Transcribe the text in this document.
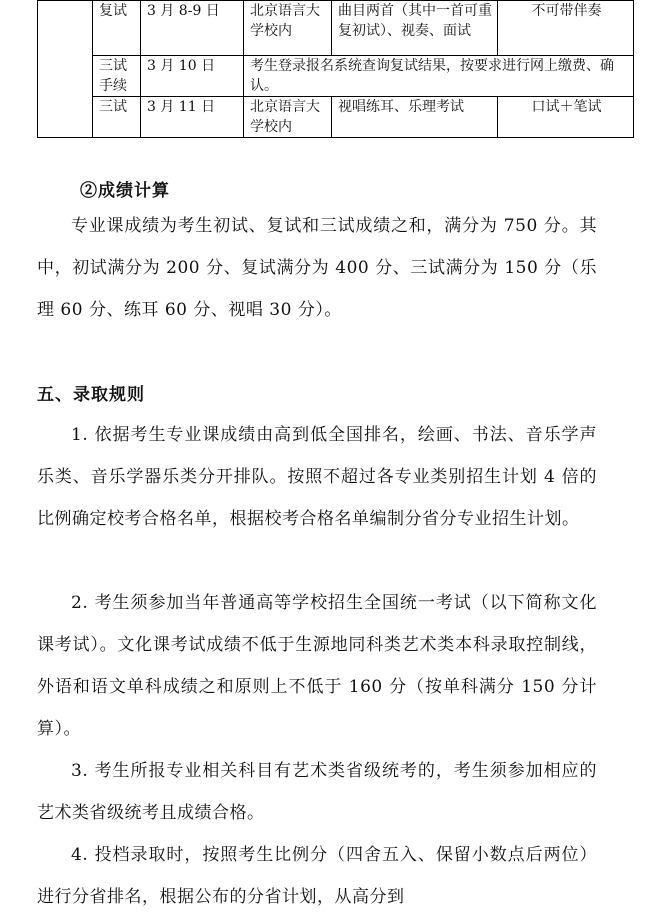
	复试	3 月 8-9 日	北京语言大学校内	曲目两首（其中一首可重复初试）、视奏、面试	不可带伴奏
	三试手续	3 月 10 日	考生登录报名系统查询复试结果，按要求进行网上缴费、确认。		
	三试	3 月 11 日	北京语言大学校内	视唱练耳、乐理考试	口试＋笔试
②成绩计算

专业课成绩为考生初试、复试和三试成绩之和，满分为 750 分。其中，初试满分为 200 分、复试满分为 400 分、三试满分为 150 分（乐理 60 分、练耳 60 分、视唱 30 分）。

五、录取规则

1. 依据考生专业课成绩由高到低全国排名，绘画、书法、音乐学声乐类、音乐学器乐类分开排队。按照不超过各专业类别招生计划 4 倍的比例确定校考合格名单，根据校考合格名单编制分省分专业招生计划。

2. 考生须参加当年普通高等学校招生全国统一考试（以下简称文化课考试）。文化课考试成绩不低于生源地同科类艺术类本科录取控制线，外语和语文单科成绩之和原则上不低于 160 分（按单科满分 150 分计算）。

3. 考生所报专业相关科目有艺术类省级统考的，考生须参加相应的艺术类省级统考且成绩合格。

4. 投档录取时，按照考生比例分（四舍五入、保留小数点后两位）进行分省排名，根据公布的分省计划，从高分到
